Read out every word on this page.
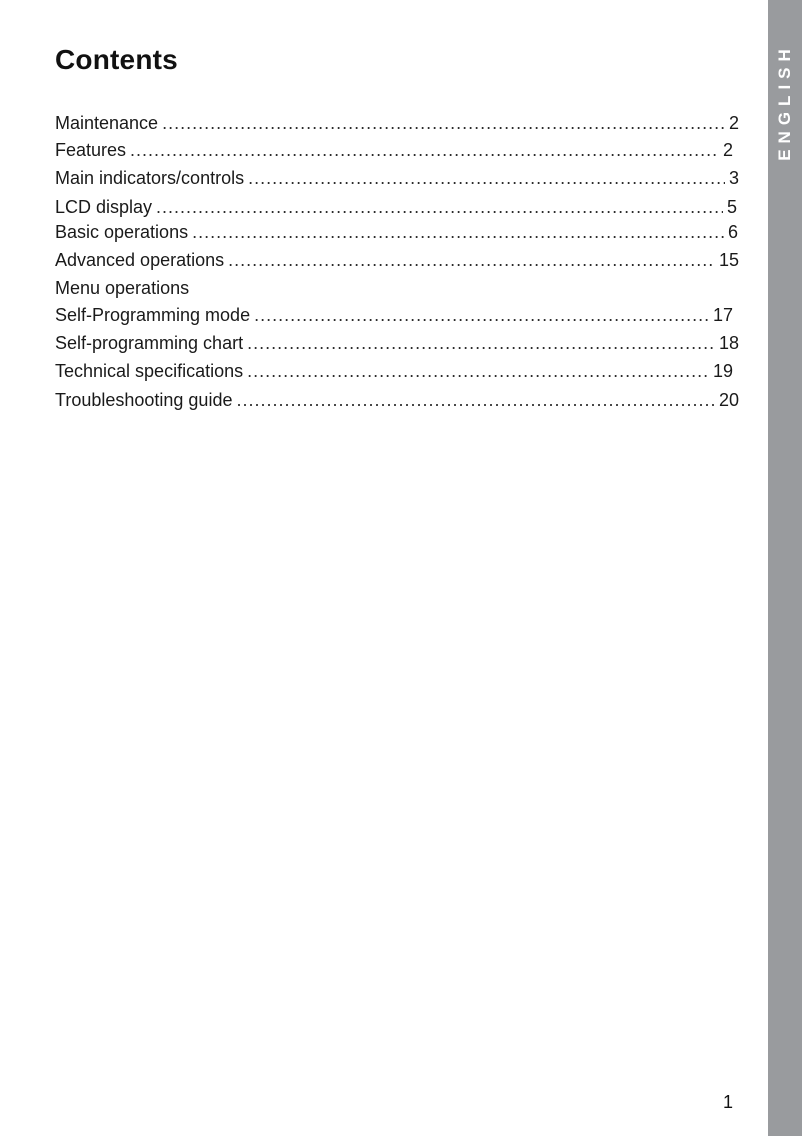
Contents
Maintenance .....	2
Features .....	2
Main indicators/controls .....	3
LCD display .....	5
Basic operations .....	6
Advanced operations .....	15
Menu operations
Self-Programming mode .....	17
Self-programming chart .....	18
Technical specifications .....	19
Troubleshooting guide .....	20
ENGLISH
1
